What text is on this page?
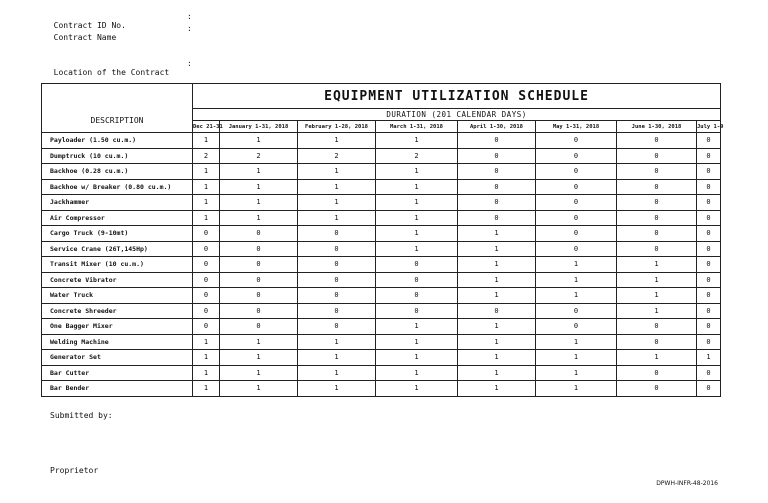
Contract ID No.
:

Contract Name
:

Location of the Contract
:

	EQUIPMENT UTILIZATION SCHEDULE							
DESCRIPTION	DURATION (201 CALENDAR DAYS)							
	Dec 21-31	January 1-31, 2018	February 1-28, 2018	March 1-31, 2018	April 1-30, 2018	May 1-31, 2018	June 1-30, 2018	July 1-9
Payloader (1.50 cu.m.)	1	1	1	1	0	0	0	0
Dumptruck (10 cu.m.)	2	2	2	2	0	0	0	0
Backhoe (0.28 cu.m.)	1	1	1	1	0	0	0	0
Backhoe w/ Breaker (0.80 cu.m.)	1	1	1	1	0	0	0	0
Jackhammer	1	1	1	1	0	0	0	0
Air Compressor	1	1	1	1	0	0	0	0
Cargo Truck (9-10mt)	0	0	0	1	1	0	0	0
Service Crane (26T,145Hp)	0	0	0	1	1	0	0	0
Transit Mixer (10 cu.m.)	0	0	0	0	1	1	1	0
Concrete Vibrator	0	0	0	0	1	1	1	0
Water Truck	0	0	0	0	1	1	1	0
Concrete Shreeder	0	0	0	0	0	0	1	0
One Bagger Mixer	0	0	0	1	1	0	0	0
Welding Machine	1	1	1	1	1	1	0	0
Generator Set	1	1	1	1	1	1	1	1
Bar Cutter	1	1	1	1	1	1	0	0
Bar Bender	1	1	1	1	1	1	0	0
Submitted by:
Proprietor
DPWH-INFR-48-2016
